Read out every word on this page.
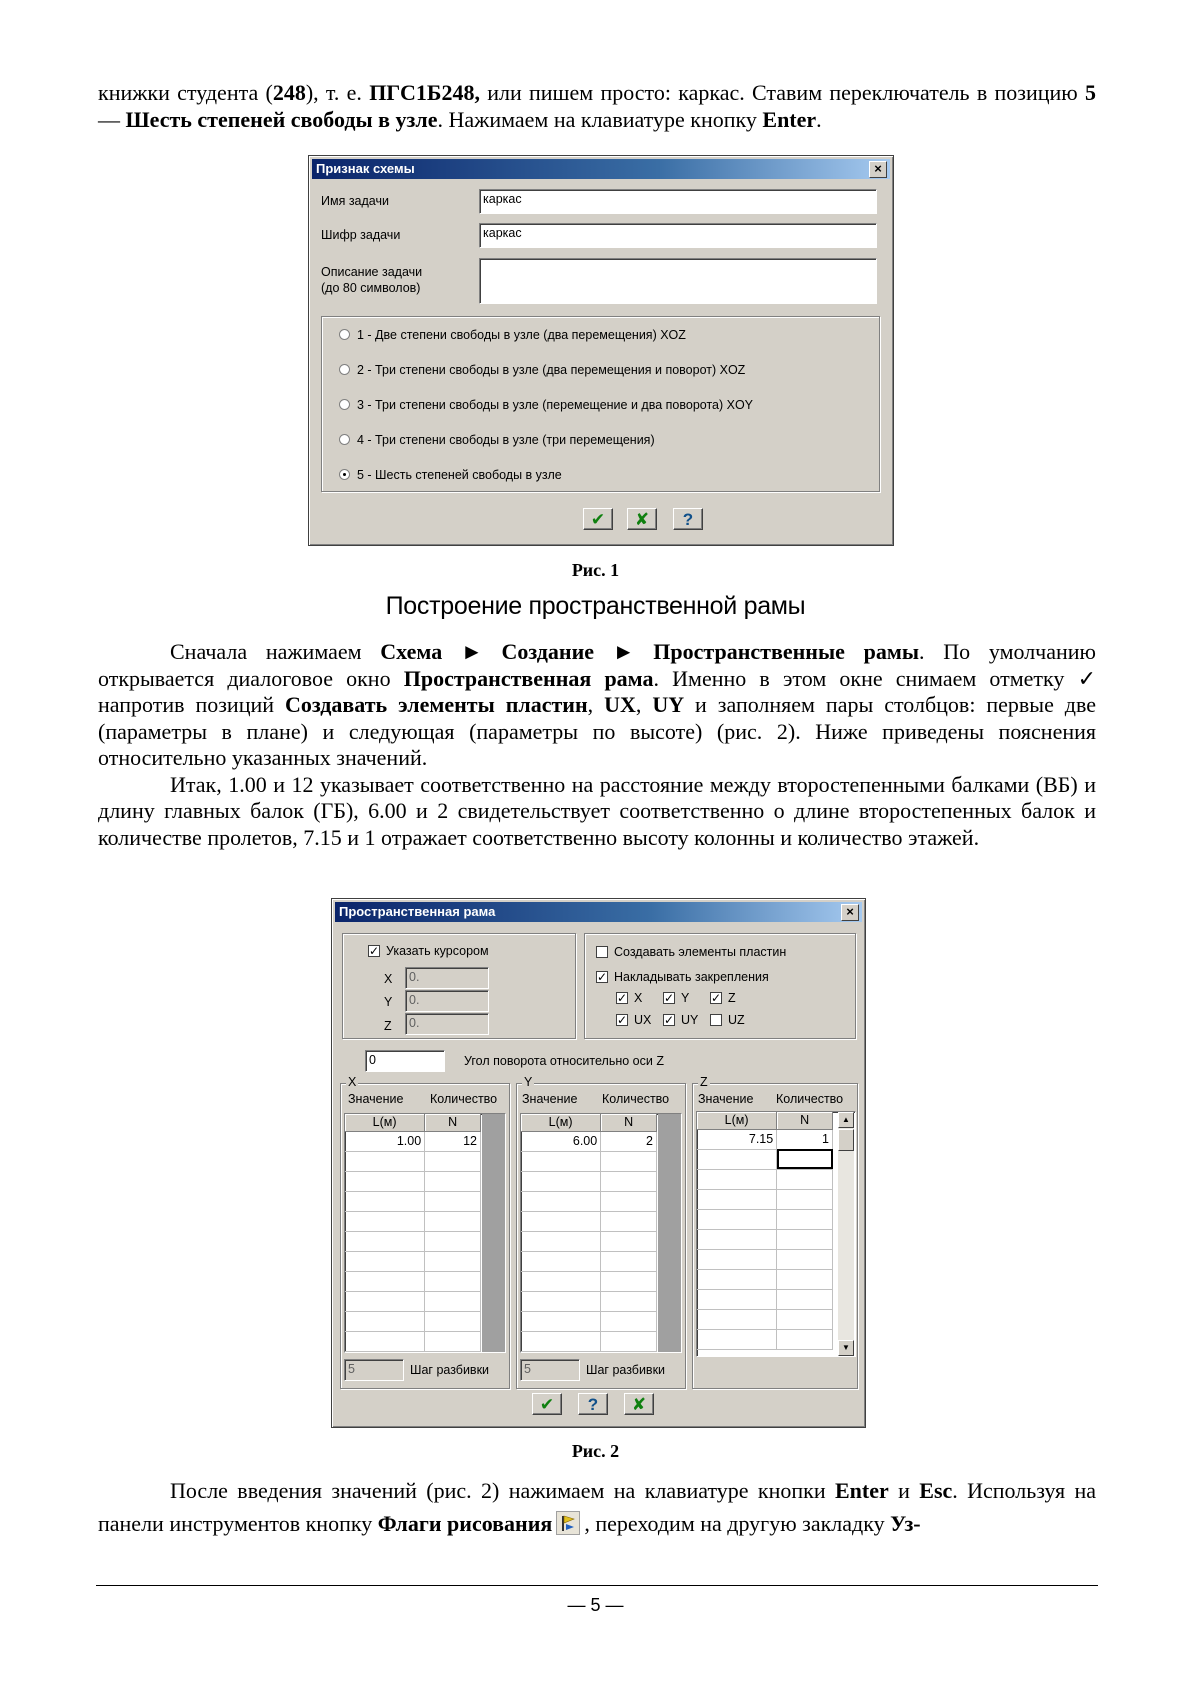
книжки студента (248), т. е. ПГС1Б248, или пишем просто: каркас. Ставим переключатель в позицию 5 — Шесть степеней свободы в узле. Нажимаем на клавиатуре кнопку Enter.

Признак схемы	×
Имя задачи	каркас
Шифр задачи	каркас
Описание задачи
(до 80 символов)
1 - Две степени свободы в узле (два перемещения) XOZ
2 - Три степени свободы в узле (два перемещения и поворот) XOZ
3 - Три степени свободы в узле (перемещение и два поворота) XOY
4 - Три степени свободы в узле (три перемещения)
5 - Шесть степеней свободы в узле
✔	✘	?
Рис. 1
Построение пространственной рамы

Сначала нажимаем Схема ► Создание ► Пространственные рамы. По умолчанию открывается диалоговое окно Пространственная рама. Именно в этом окне снимаем отметку ✓ напротив позиций Создавать элементы пластин, UX, UY и заполняем пары столбцов: первые две (параметры в плане) и следующая (параметры по высоте) (рис. 2). Ниже приведены пояснения относительно указанных значений.

Итак, 1.00 и 12 указывает соответственно на расстояние между второстепенными балками (ВБ) и длину главных балок (ГБ), 6.00 и 2 свидетельствует соответственно о длине второстепенных балок и количестве пролетов, 7.15 и 1 отражает соответственно высоту колонны и количество этажей.

Пространственная рама	×
✓ Указать курсором
X	0.
Y	0.
Z	0.
Создавать элементы пластин
✓ Накладывать закрепления
✓ X ✓ Y ✓ Z
✓ UX ✓ UY	UZ
0	Угол поворота относительно оси Z
X
Значение Количество
L(м)	N
1.00	12

5	Шаг разбивки
Y
Значение Количество
L(м)	N
6.00	2

5	Шаг разбивки
Z
Значение Количество
L(м)	N
7.15	1

▲
▼
✔	?	✘
Рис. 2

После введения значений (рис. 2) нажимаем на клавиатуре кнопки Enter и Esc. Используя на панели инструментов кнопку Флаги рисования , переходим на другую закладку Уз-

— 5 —
